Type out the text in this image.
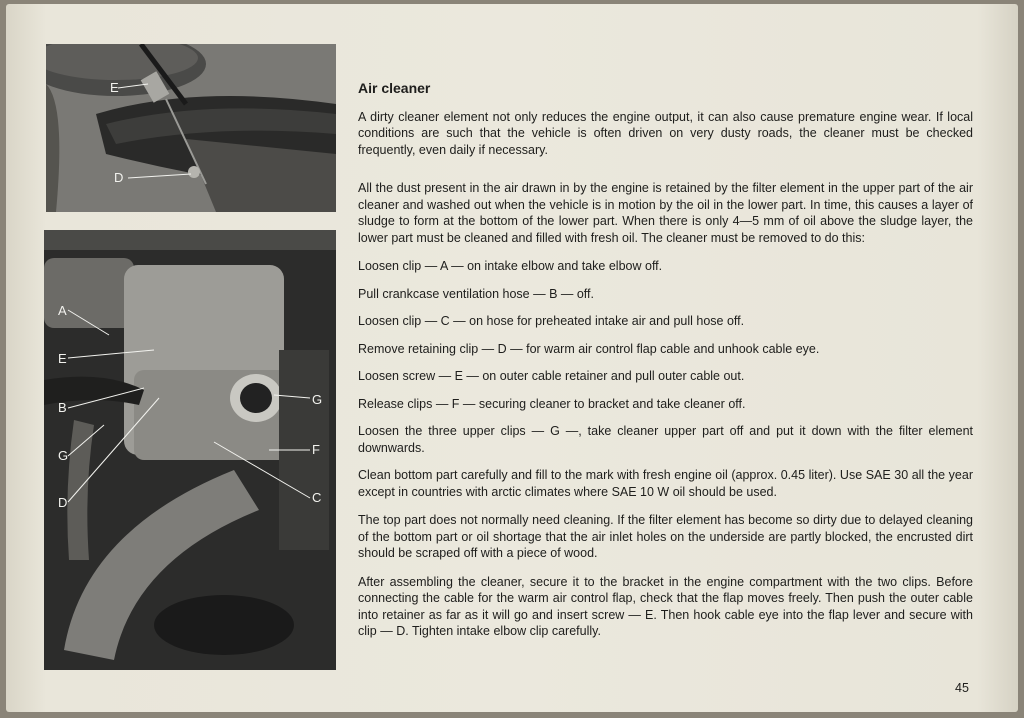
E
D
A
E
B
G
D
G
F
C
Air cleaner

A dirty cleaner element not only reduces the engine output, it can also cause premature engine wear. If local conditions are such that the vehicle is often driven on very dusty roads, the cleaner must be checked frequently, even daily if necessary.

All the dust present in the air drawn in by the engine is retained by the filter element in the upper part of the air cleaner and washed out when the vehicle is in motion by the oil in the lower part. In time, this causes a layer of sludge to form at the bottom of the lower part. When there is only 4—5 mm of oil above the sludge layer, the lower part must be cleaned and filled with fresh oil. The cleaner must be removed to do this:

Loosen clip — A — on intake elbow and take elbow off.

Pull crankcase ventilation hose — B — off.

Loosen clip — C — on hose for preheated intake air and pull hose off.

Remove retaining clip — D — for warm air control flap cable and unhook cable eye.

Loosen screw — E — on outer cable retainer and pull outer cable out.

Release clips — F — securing cleaner to bracket and take cleaner off.

Loosen the three upper clips — G —, take cleaner upper part off and put it down with the filter element downwards.

Clean bottom part carefully and fill to the mark with fresh engine oil (approx. 0.45 liter). Use SAE 30 all the year except in countries with arctic climates where SAE 10 W oil should be used.

The top part does not normally need cleaning. If the filter element has become so dirty due to delayed cleaning of the bottom part or oil shortage that the air inlet holes on the underside are partly blocked, the encrusted dirt should be scraped off with a piece of wood.

After assembling the cleaner, secure it to the bracket in the engine compartment with the two clips. Before connecting the cable for the warm air control flap, check that the flap moves freely. Then push the outer cable into retainer as far as it will go and insert screw — E. Then hook cable eye into the flap lever and secure with clip — D. Tighten intake elbow clip carefully.

45
